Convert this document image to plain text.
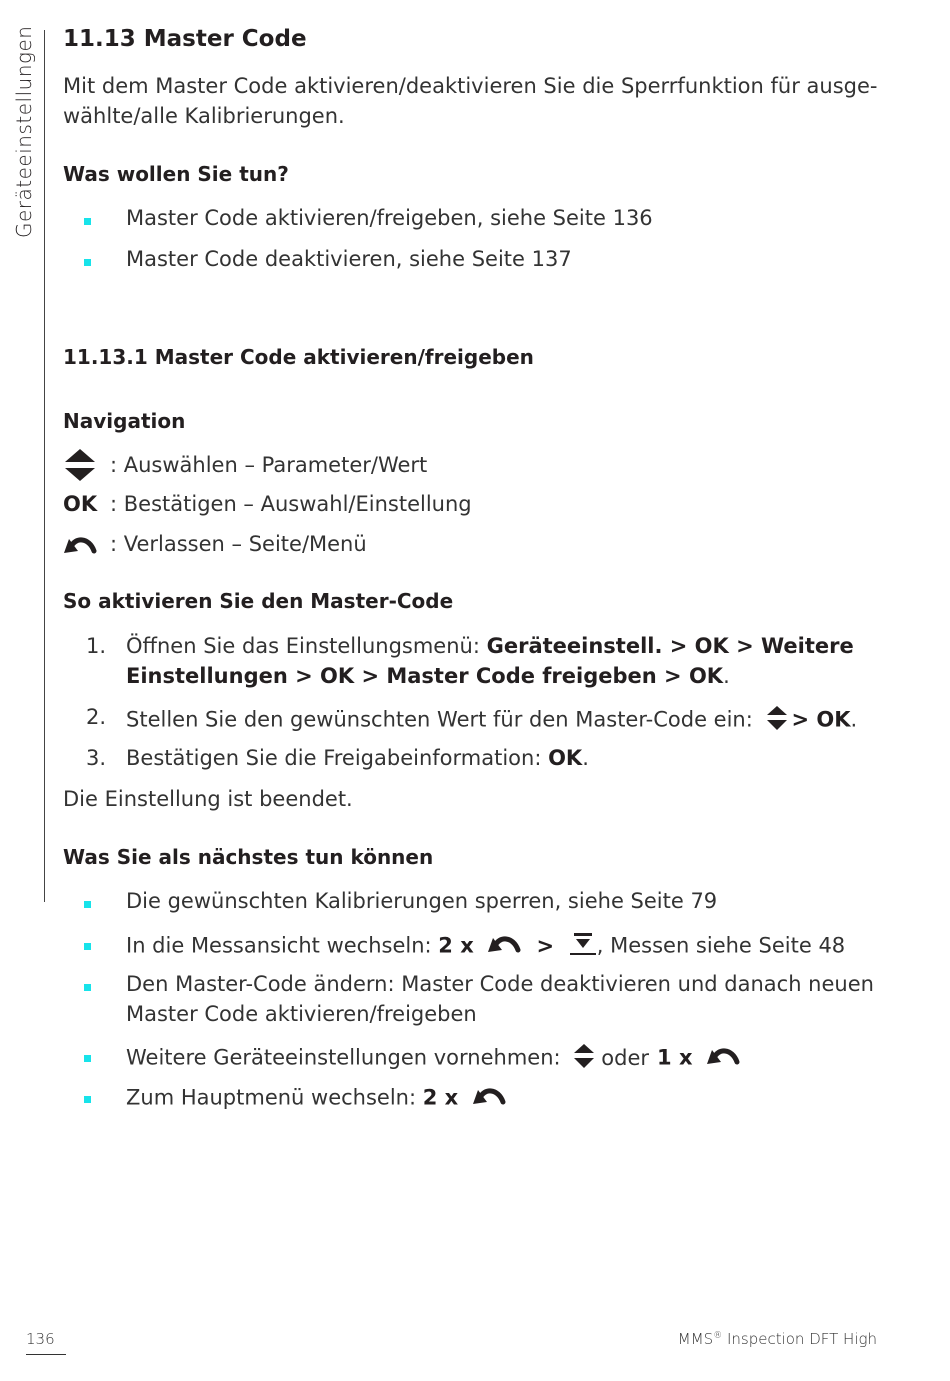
Geräteeinstellungen 11.13 Master Code
Mit dem Master Code aktivieren/deaktivieren Sie die Sperrfunktion für ausge-
wählte/alle Kalibrierungen.
Was wollen Sie tun?
Master Code aktivieren/freigeben, siehe Seite 136
Master Code deaktivieren, siehe Seite 137
11.13.1 Master Code aktivieren/freigeben
Navigation
: Auswählen – Parameter/Wert
OK : Bestätigen – Auswahl/Einstellung
: Verlassen – Seite/Menü
So aktivieren Sie den Master-Code
1. Öffnen Sie das Einstellungsmenü: Geräteeinstell. > OK > Weitere
Einstellungen > OK > Master Code freigeben > OK.
2. Stellen Sie den gewünschten Wert für den Master-Code ein: > OK.
3. Bestätigen Sie die Freigabeinformation: OK.
Die Einstellung ist beendet.
Was Sie als nächstes tun können
Die gewünschten Kalibrierungen sperren, siehe Seite 79
In die Messansicht wechseln: 2 x	> , Messen siehe Seite 48
Den Master-Code ändern: Master Code deaktivieren und danach neuen
Master Code aktivieren/freigeben
Weitere Geräteeinstellungen vornehmen: oder 1 x
Zum Hauptmenü wechseln: 2 x
136	MMS® Inspection DFT High
